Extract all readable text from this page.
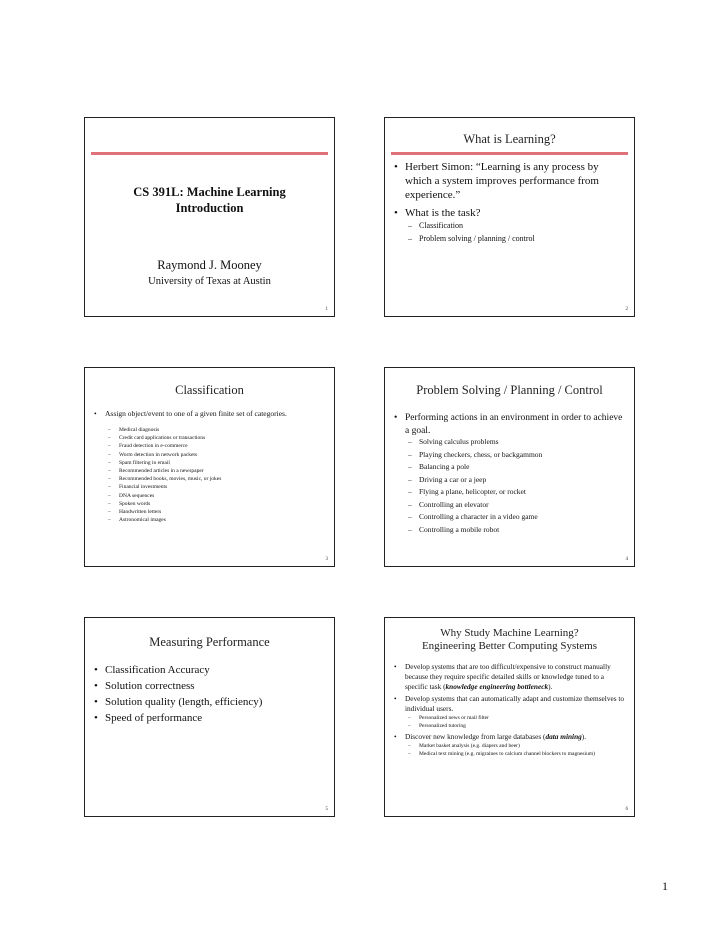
CS 391L: Machine Learning
Introduction
Raymond J. Mooney
University of Texas at Austin
1
What is Learning?
• Herbert Simon: “Learning is any process by which a system improves performance from experience.”
• What is the task?
– Classification
– Problem solving / planning / control
2
Classification
• Assign object/event to one of a given finite set of categories.
– Medical diagnosis
– Credit card applications or transactions
– Fraud detection in e-commerce
– Worm detection in network packets
– Spam filtering in email
– Recommended articles in a newspaper
– Recommended books, movies, music, or jokes
– Financial investments
– DNA sequences
– Spoken words
– Handwritten letters
– Astronomical images
3
Problem Solving / Planning / Control
• Performing actions in an environment in order to achieve a goal.
– Solving calculus problems
– Playing checkers, chess, or backgammon
– Balancing a pole
– Driving a car or a jeep
– Flying a plane, helicopter, or rocket
– Controlling an elevator
– Controlling a character in a video game
– Controlling a mobile robot
4
Measuring Performance
• Classification Accuracy
• Solution correctness
• Solution quality (length, efficiency)
• Speed of performance
5
Why Study Machine Learning?
Engineering Better Computing Systems
• Develop systems that are too difficult/expensive to construct manually because they require specific detailed skills or knowledge tuned to a specific task (knowledge engineering bottleneck).
• Develop systems that can automatically adapt and customize themselves to individual users.
– Personalized news or mail filter
– Personalized tutoring
• Discover new knowledge from large databases (data mining).
– Market basket analysis (e.g. diapers and beer)
– Medical text mining (e.g. migraines to calcium channel blockers to magnesium)
6
1
